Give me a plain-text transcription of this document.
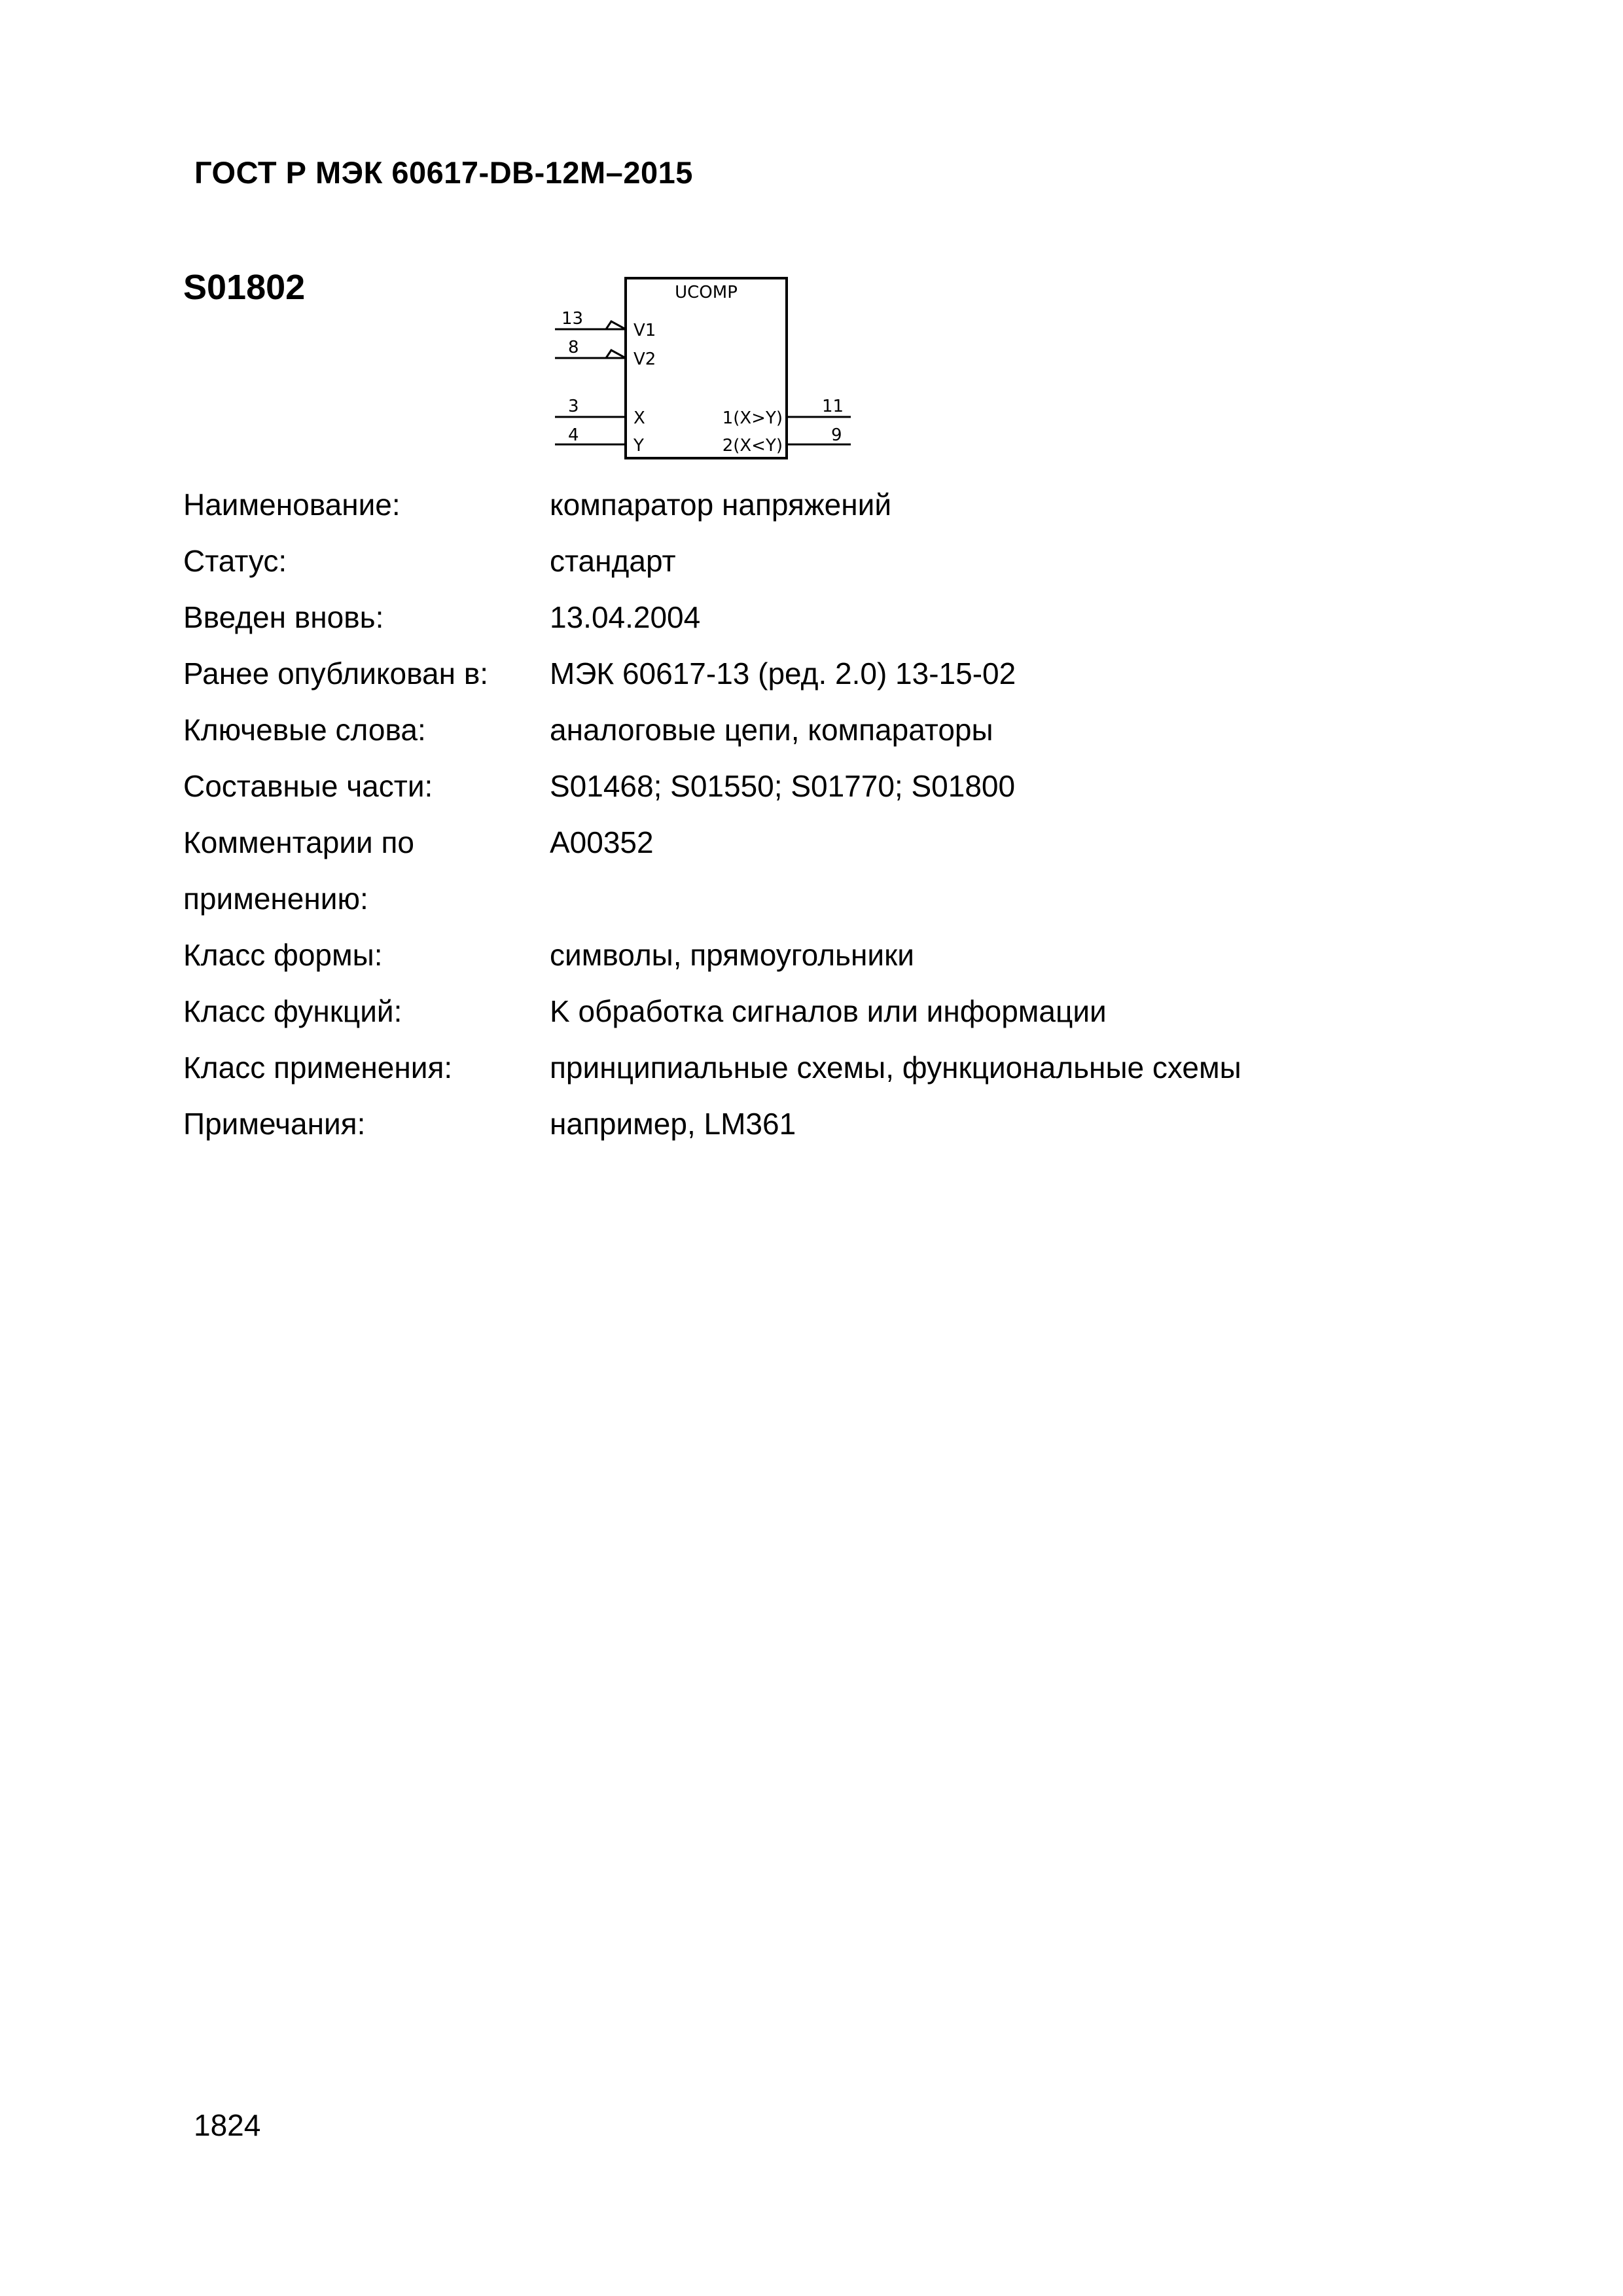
ГОСТ Р МЭК 60617-DB-12M–2015
S01802	UCOMP
13
8
3
4
11
9
V1
V2
X
Y
1(X>Y)
2(X<Y)
Наименование:	компаратор напряжений
Статус:	стандарт
Введен вновь:	13.04.2004
Ранее опубликован в:	МЭК 60617-13 (ред. 2.0) 13-15-02
Ключевые слова:	аналоговые цепи, компараторы
Составные части:	S01468; S01550; S01770; S01800
Комментарии по применению:
A00352
Класс формы:	символы, прямоугольники
Класс функций:	K обработка сигналов или информации
Класс применения:	принципиальные схемы, функциональные схемы
Примечания:	например, LM361
1824
